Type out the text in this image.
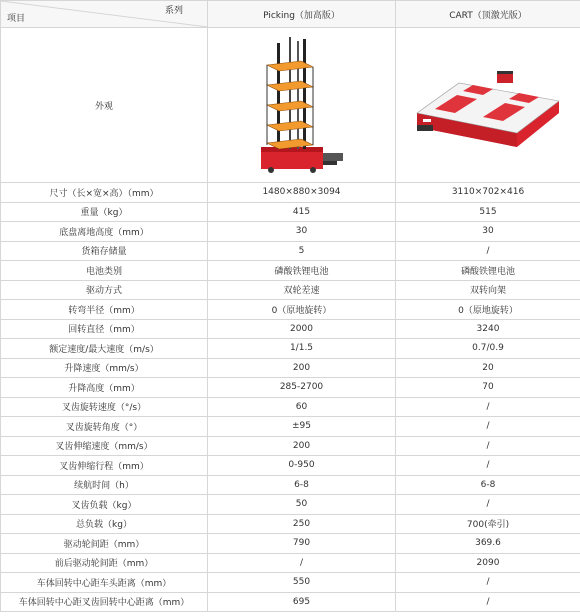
系列
项目	Picking（加高版）	CART（顶激光版）
外观	

尺寸（长×宽×高）（mm）	1480×880×3094	3110×702×416
重量（kg）	415	515
底盘离地高度（mm）	30	30
货箱存储量	5	/
电池类别	磷酸铁锂电池	磷酸铁锂电池
驱动方式	双轮差速	双转向架
转弯半径（mm）	0（原地旋转）	0（原地旋转）
回转直径（mm）	2000	3240
额定速度/最大速度（m/s）	1/1.5	0.7/0.9
升降速度（mm/s）	200	20
升降高度（mm）	285-2700	70
叉齿旋转速度（°/s）	60	/
叉齿旋转角度（°）	±95	/
叉齿伸缩速度（mm/s）	200	/
叉齿伸缩行程（mm）	0-950	/
续航时间（h）	6-8	6-8
叉齿负载（kg）	50	/
总负载（kg）	250	700(牵引)
驱动轮间距（mm）	790	369.6
前后驱动轮间距（mm）	/	2090
车体回转中心距车头距离（mm）	550	/
车体回转中心距叉齿回转中心距离（mm）	695	/
